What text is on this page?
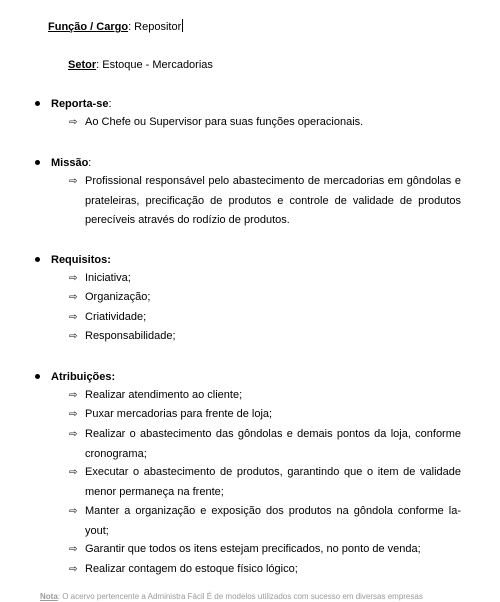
Função / Cargo: Repositor
Setor: Estoque - Mercadorias
Reporta-se:
⇨ Ao Chefe ou Supervisor para suas funções operacionais.
Missão:
⇨ Profissional responsável pelo abastecimento de mercadorias em gôndolas e prateleiras, precificação de produtos e controle de validade de produtos perecíveis através do rodízio de produtos.
Requisitos:
⇨ Iniciativa;
⇨ Organização;
⇨ Criatividade;
⇨ Responsabilidade;
Atribuições:
⇨ Realizar atendimento ao cliente;
⇨ Puxar mercadorias para frente de loja;
⇨ Realizar o abastecimento das gôndolas e demais pontos da loja, conforme cronograma;
⇨ Executar o abastecimento de produtos, garantindo que o item de validade menor permaneça na frente;
⇨ Manter a organização e exposição dos produtos na gôndola conforme la-yout;
⇨ Garantir que todos os itens estejam precificados, no ponto de venda;
⇨ Realizar contagem do estoque físico lógico;
Nota: O acervo pertencente a Administra Fácil É de modelos utilizados com sucesso em diversas empresas
